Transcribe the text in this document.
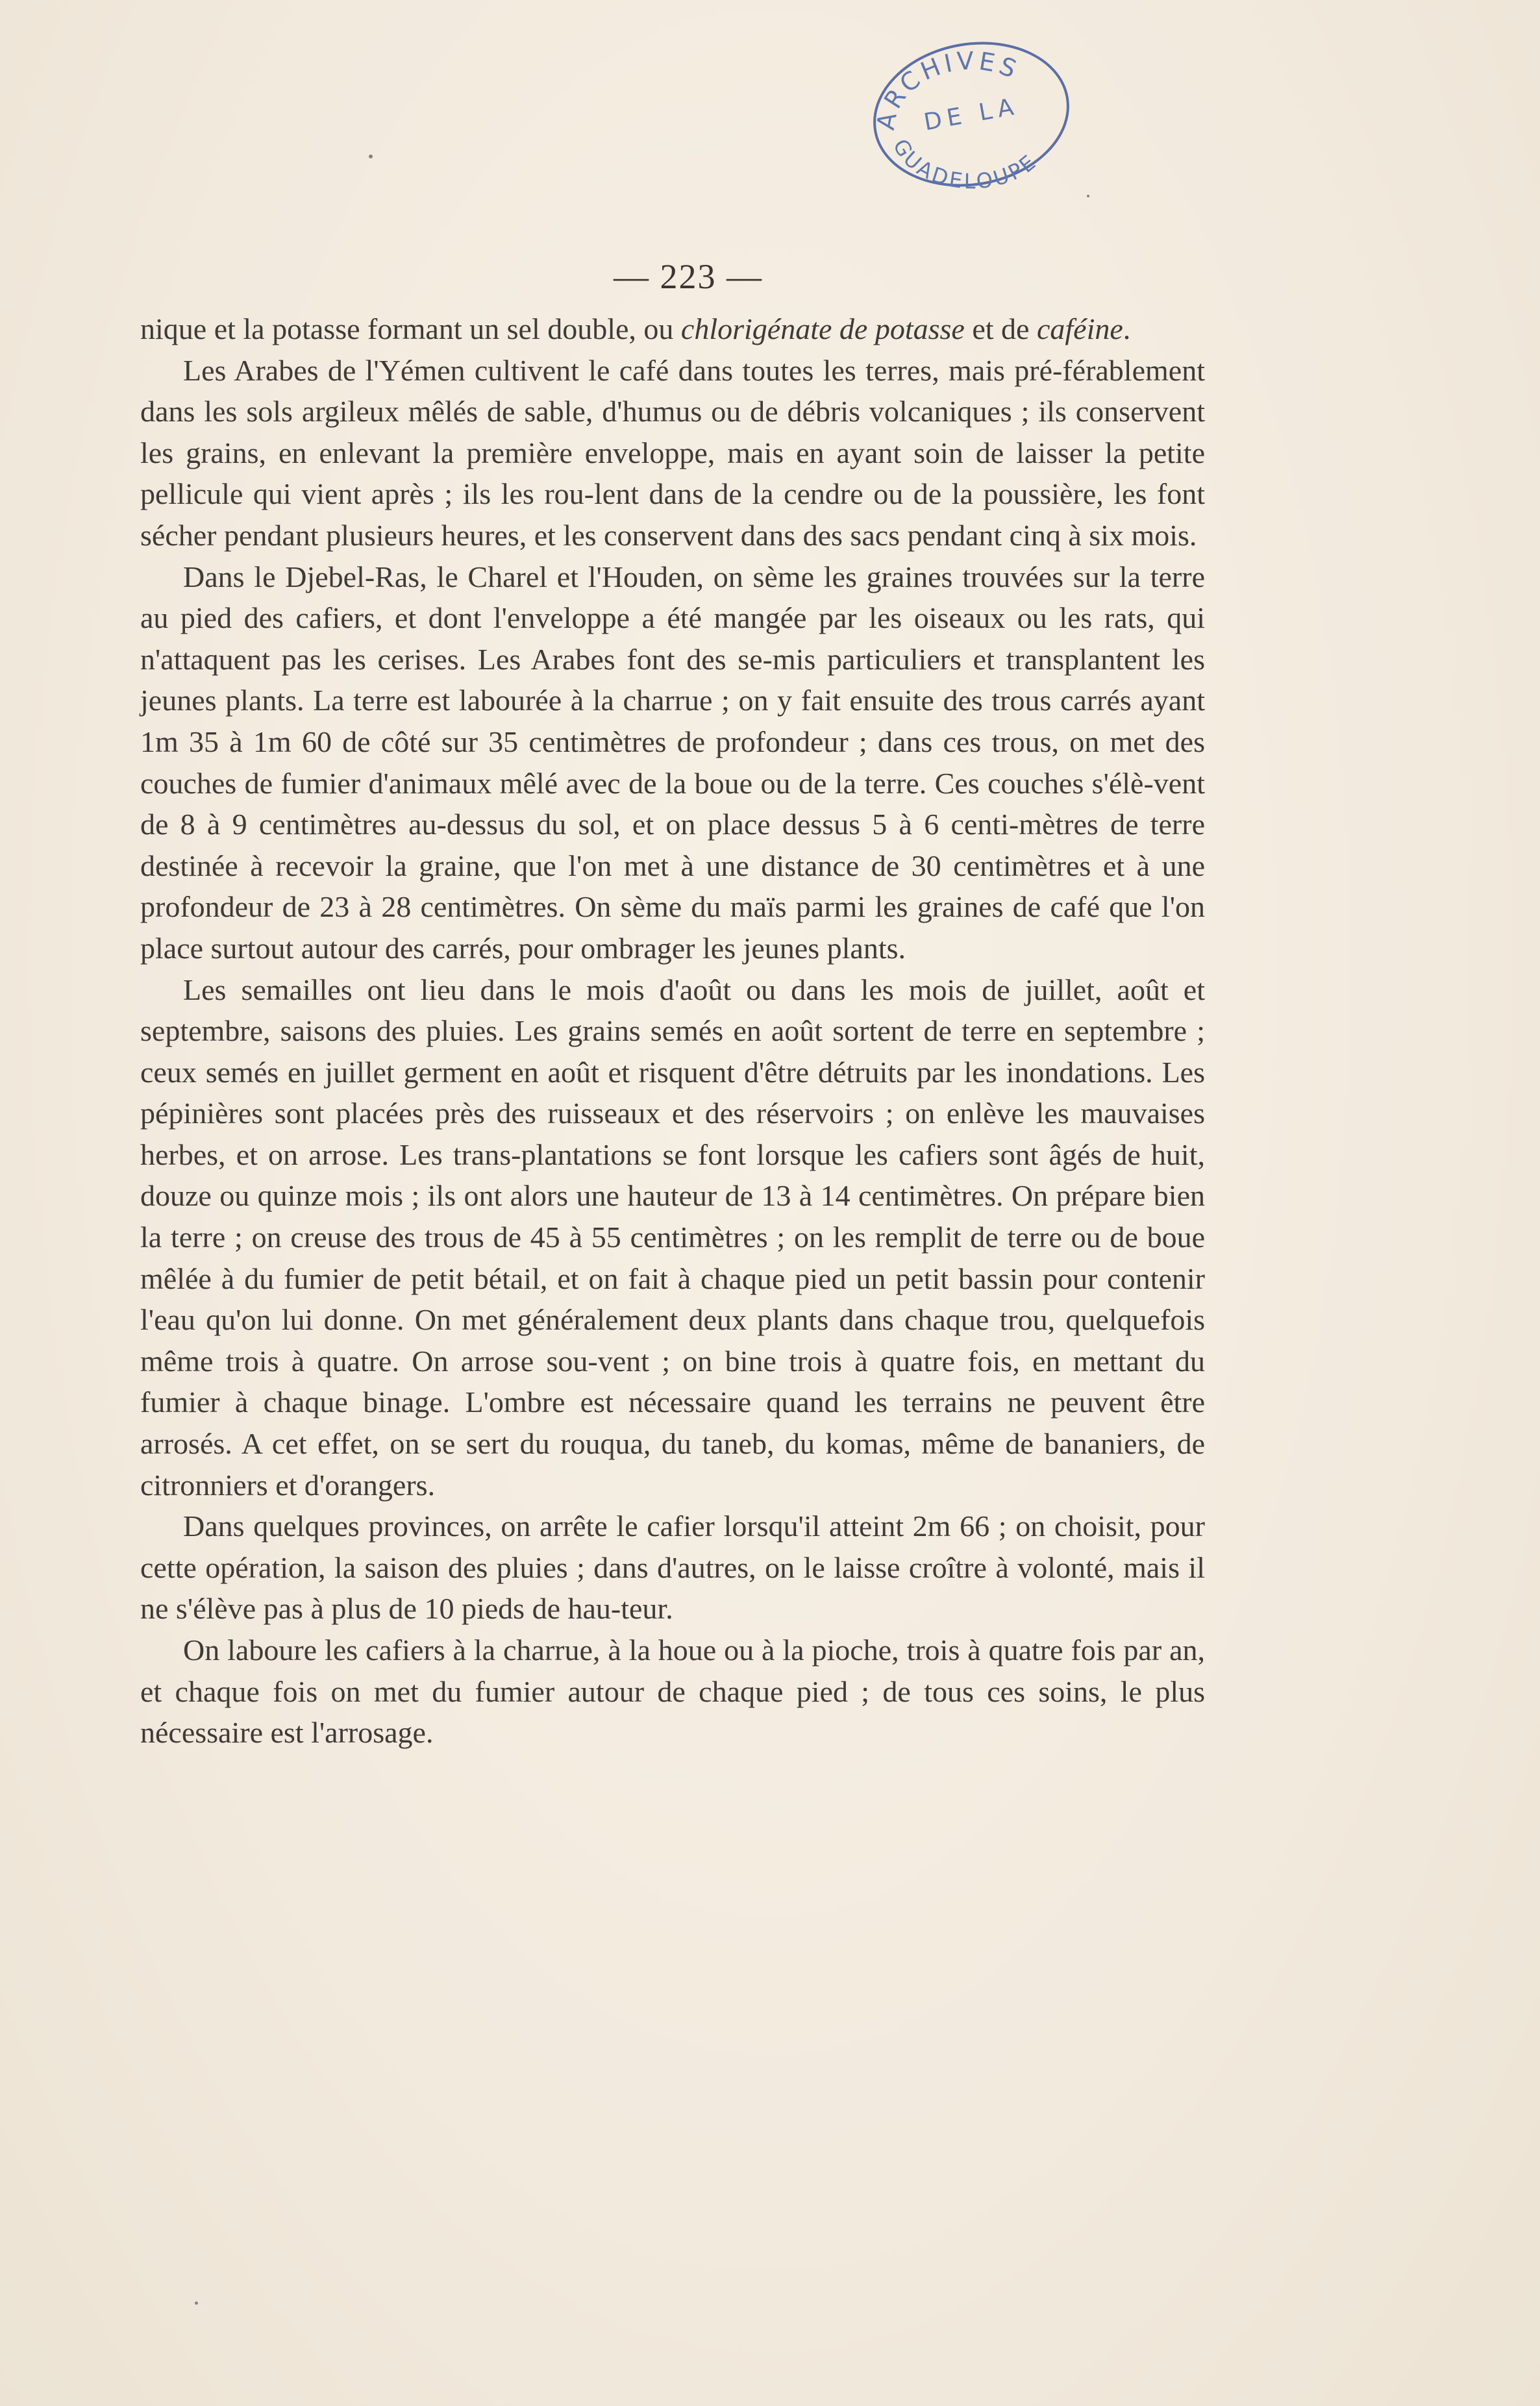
ARCHIVES
DE LA
GUADELOUPE
— 223 —

nique et la potasse formant un sel double, ou chlorigénate de potasse et de caféine.

Les Arabes de l'Yémen cultivent le café dans toutes les terres, mais pré-férablement dans les sols argileux mêlés de sable, d'humus ou de débris volcaniques ; ils conservent les grains, en enlevant la première enveloppe, mais en ayant soin de laisser la petite pellicule qui vient après ; ils les rou-lent dans de la cendre ou de la poussière, les font sécher pendant plusieurs heures, et les conservent dans des sacs pendant cinq à six mois.

Dans le Djebel-Ras, le Charel et l'Houden, on sème les graines trouvées sur la terre au pied des cafiers, et dont l'enveloppe a été mangée par les oiseaux ou les rats, qui n'attaquent pas les cerises. Les Arabes font des se-mis particuliers et transplantent les jeunes plants. La terre est labourée à la charrue ; on y fait ensuite des trous carrés ayant 1m 35 à 1m 60 de côté sur 35 centimètres de profondeur ; dans ces trous, on met des couches de fumier d'animaux mêlé avec de la boue ou de la terre. Ces couches s'élè-vent de 8 à 9 centimètres au-dessus du sol, et on place dessus 5 à 6 centi-mètres de terre destinée à recevoir la graine, que l'on met à une distance de 30 centimètres et à une profondeur de 23 à 28 centimètres. On sème du maïs parmi les graines de café que l'on place surtout autour des carrés, pour ombrager les jeunes plants.

Les semailles ont lieu dans le mois d'août ou dans les mois de juillet, août et septembre, saisons des pluies. Les grains semés en août sortent de terre en septembre ; ceux semés en juillet germent en août et risquent d'être détruits par les inondations. Les pépinières sont placées près des ruisseaux et des réservoirs ; on enlève les mauvaises herbes, et on arrose. Les trans-plantations se font lorsque les cafiers sont âgés de huit, douze ou quinze mois ; ils ont alors une hauteur de 13 à 14 centimètres. On prépare bien la terre ; on creuse des trous de 45 à 55 centimètres ; on les remplit de terre ou de boue mêlée à du fumier de petit bétail, et on fait à chaque pied un petit bassin pour contenir l'eau qu'on lui donne. On met généralement deux plants dans chaque trou, quelquefois même trois à quatre. On arrose sou-vent ; on bine trois à quatre fois, en mettant du fumier à chaque binage. L'ombre est nécessaire quand les terrains ne peuvent être arrosés. A cet effet, on se sert du rouqua, du taneb, du komas, même de bananiers, de citronniers et d'orangers.

Dans quelques provinces, on arrête le cafier lorsqu'il atteint 2m 66 ; on choisit, pour cette opération, la saison des pluies ; dans d'autres, on le laisse croître à volonté, mais il ne s'élève pas à plus de 10 pieds de hau-teur.

On laboure les cafiers à la charrue, à la houe ou à la pioche, trois à quatre fois par an, et chaque fois on met du fumier autour de chaque pied ; de tous ces soins, le plus nécessaire est l'arrosage.
